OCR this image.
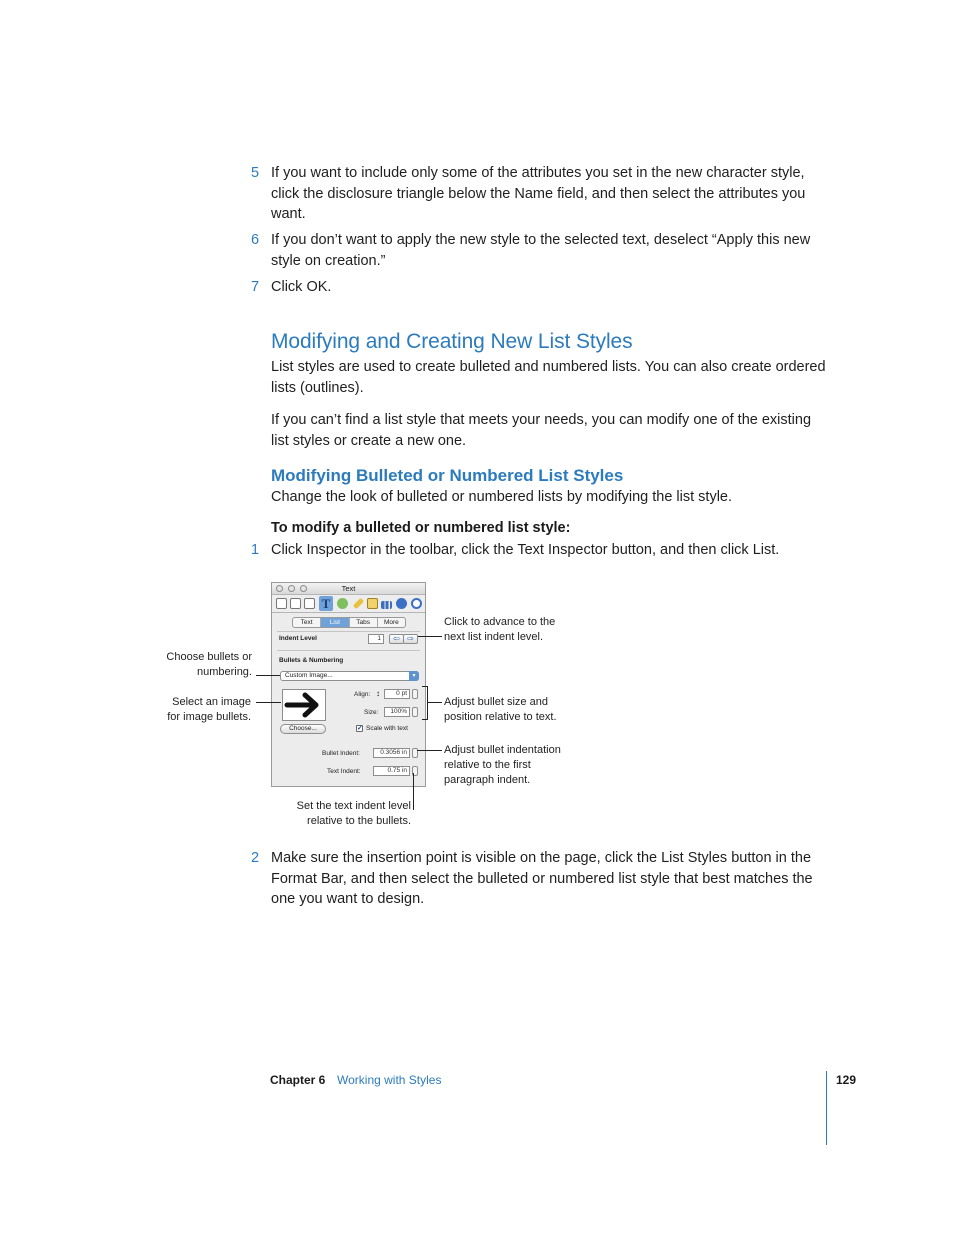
5 If you want to include only some of the attributes you set in the new character style,
click the disclosure triangle below the Name field, and then select the attributes you
want.
6 If you don’t want to apply the new style to the selected text, deselect “Apply this new
style on creation.”
7 Click OK.
Modifying and Creating New List Styles
List styles are used to create bulleted and numbered lists. You can also create ordered
lists (outlines).
If you can’t find a list style that meets your needs, you can modify one of the existing
list styles or create a new one.
Modifying Bulleted or Numbered List Styles
Change the look of bulleted or numbered lists by modifying the list style.
To modify a bulleted or numbered list style:
1 Click Inspector in the toolbar, click the Text Inspector button, and then click List.
Text
T
Text	List	Tabs	More
Indent Level	1	⇦ ⇨
Bullets & Numbering
Custom Image...	▾
Align: ↕	0 pt
Size:	100%
Choose...	✓ Scale with text
Bullet Indent:	0.3056 in
Text Indent:	0.75 in
Click to advance to the
next list indent level.
Choose bullets or
numbering.
Select an image
for image bullets.
Adjust bullet size and
position relative to text.
Adjust bullet indentation
relative to the first
paragraph indent.
Set the text indent level
relative to the bullets.
2 Make sure the insertion point is visible on the page, click the List Styles button in the
Format Bar, and then select the bulleted or numbered list style that best matches the
one you want to design.
Chapter 6 Working with Styles	129
